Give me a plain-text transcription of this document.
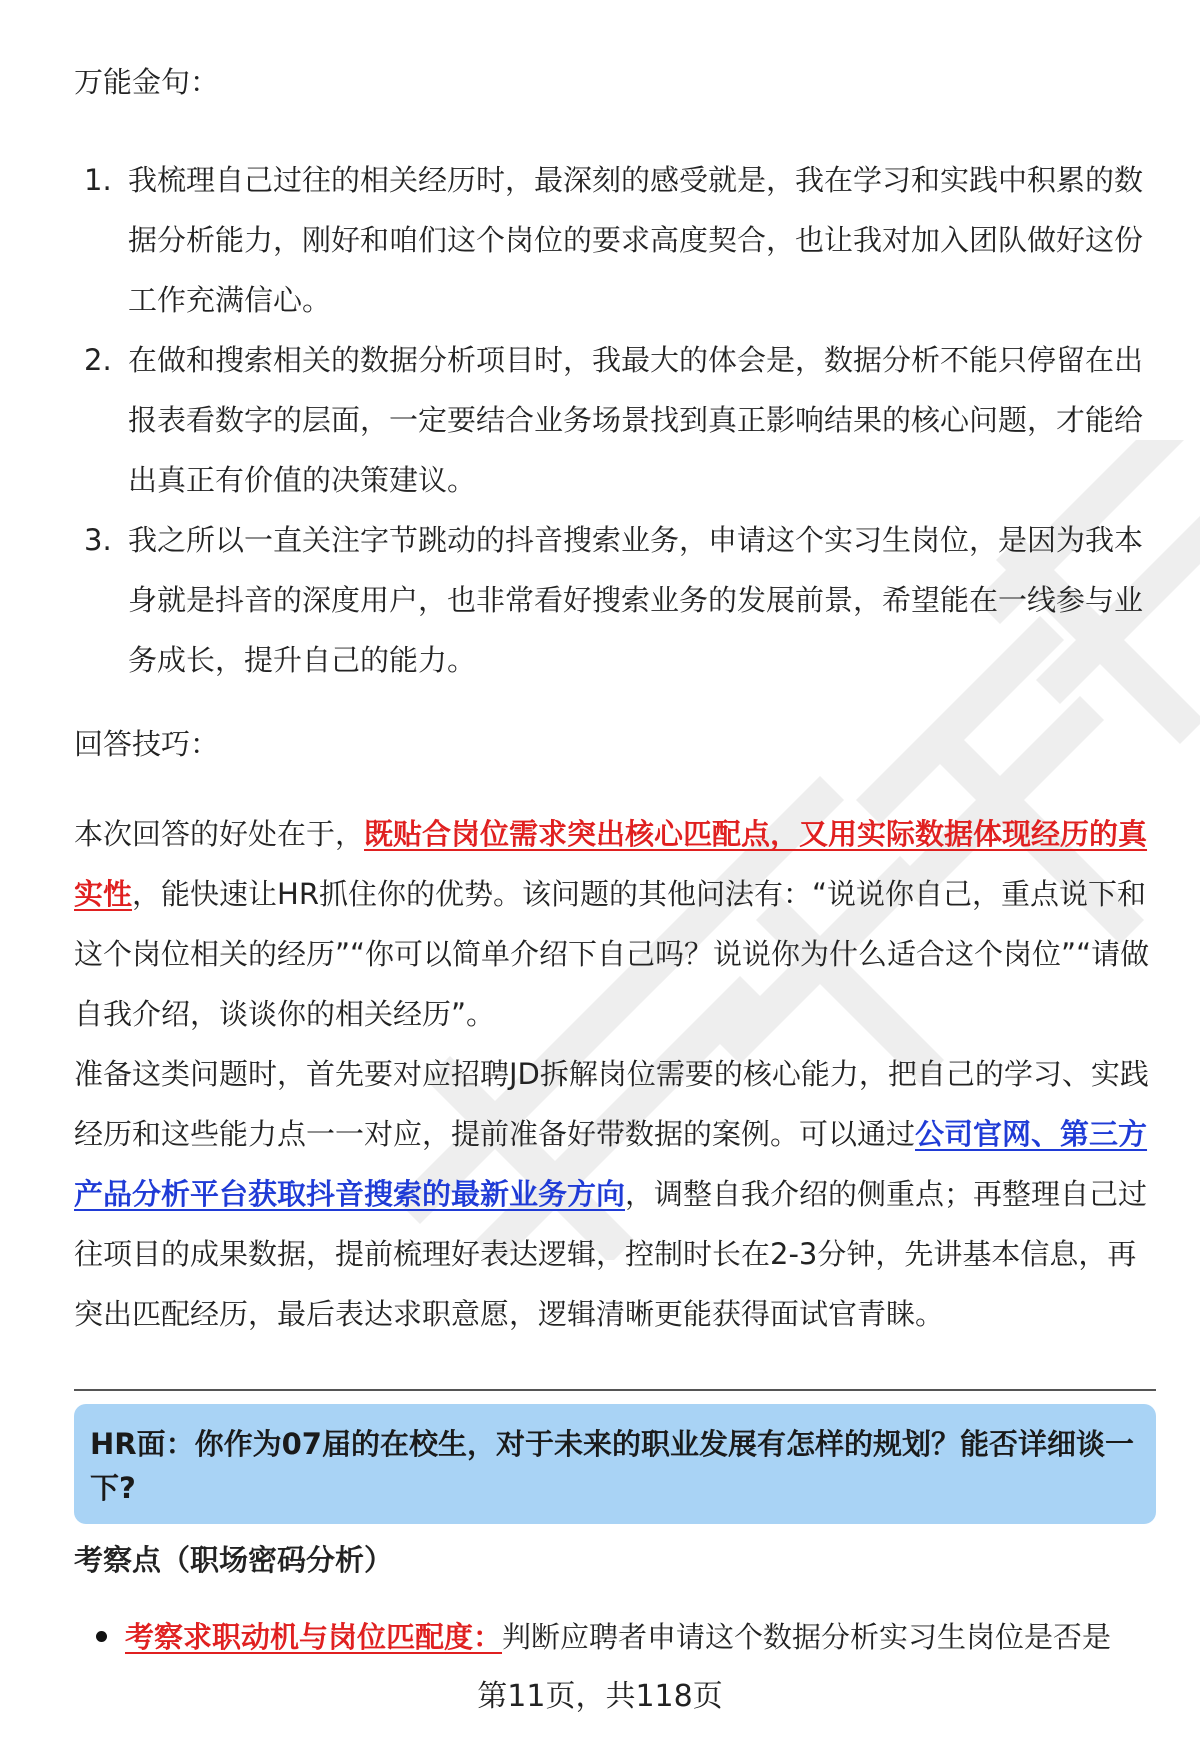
万能金句：
1. 我梳理自己过往的相关经历时，最深刻的感受就是，我在学习和实践中积累的数据分析能力，刚好和咱们这个岗位的要求高度契合，也让我对加入团队做好这份工作充满信心。
2. 在做和搜索相关的数据分析项目时，我最大的体会是，数据分析不能只停留在出报表看数字的层面，一定要结合业务场景找到真正影响结果的核心问题，才能给出真正有价值的决策建议。
3. 我之所以一直关注字节跳动的抖音搜索业务，申请这个实习生岗位，是因为我本身就是抖音的深度用户，也非常看好搜索业务的发展前景，希望能在一线参与业务成长，提升自己的能力。
回答技巧：

本次回答的好处在于，既贴合岗位需求突出核心匹配点，又用实际数据体现经历的真实性，能快速让HR抓住你的优势。该问题的其他问法有：“说说你自己，重点说下和这个岗位相关的经历”“你可以简单介绍下自己吗？说说你为什么适合这个岗位”“请做自我介绍，谈谈你的相关经历”。

准备这类问题时，首先要对应招聘JD拆解岗位需要的核心能力，把自己的学习、实践经历和这些能力点一一对应，提前准备好带数据的案例。可以通过公司官网、第三方产品分析平台获取抖音搜索的最新业务方向，调整自我介绍的侧重点；再整理自己过往项目的成果数据，提前梳理好表达逻辑，控制时长在2-3分钟，先讲基本信息，再突出匹配经历，最后表达求职意愿，逻辑清晰更能获得面试官青睐。

HR面：你作为07届的在校生，对于未来的职业发展有怎样的规划？能否详细谈一下?
考察点（职场密码分析）
考察求职动机与岗位匹配度：判断应聘者申请这个数据分析实习生岗位是否是
第11页，共118页
